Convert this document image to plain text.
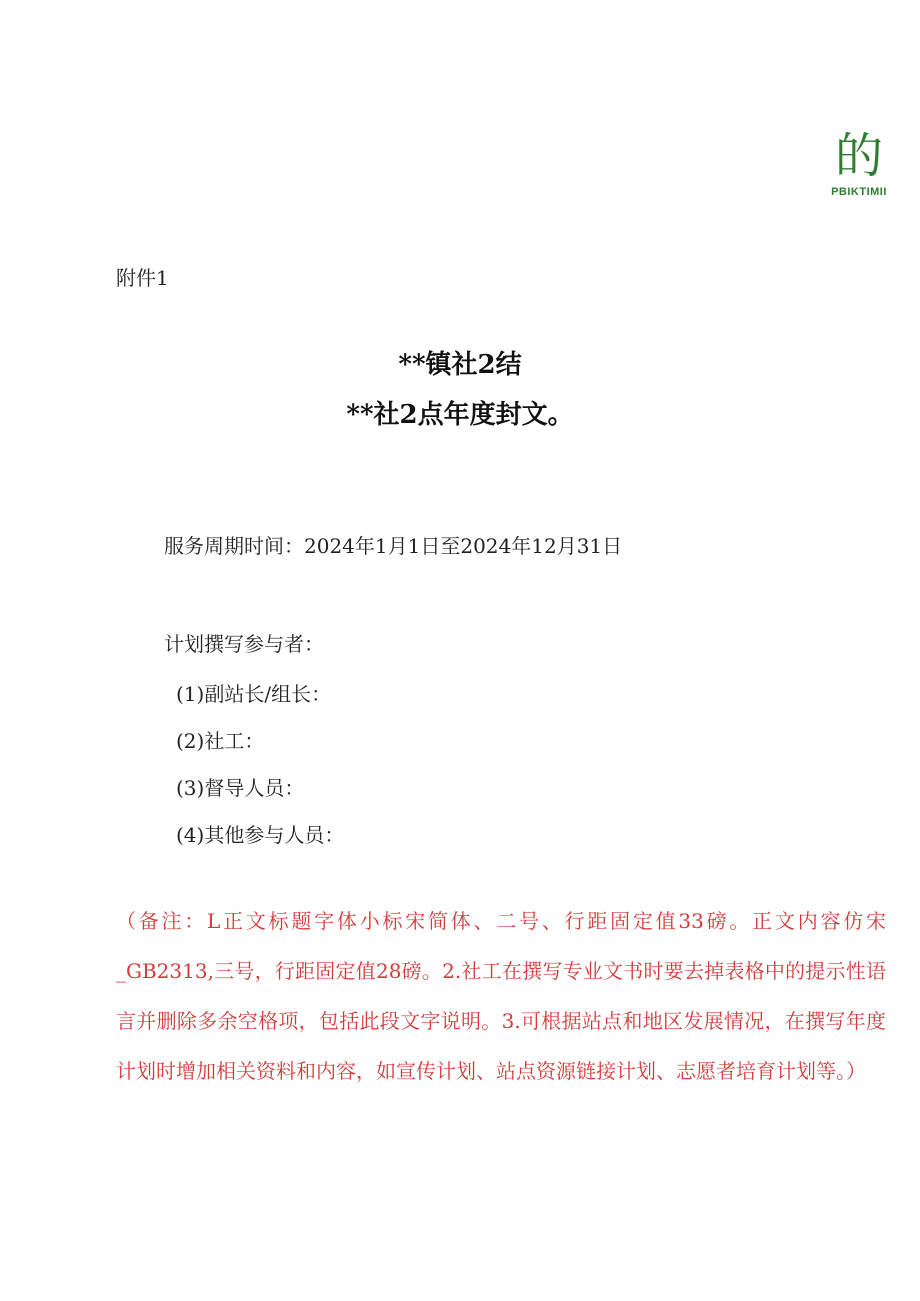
的
PBIKTIMII
附件1
**镇社2结
**社2点年度封文。
服务周期时间：2024年1月1日至2024年12月31日
计划撰写参与者：
(1)副站长/组长：
(2)社工：
(3)督导人员：
(4)其他参与人员：
（备注：L正文标题字体小标宋简体、二号、行距固定值33磅。正文内容仿宋_GB2313,三号，行距固定值28磅。2.社工在撰写专业文书时要去掉表格中的提示性语言并删除多余空格项，包括此段文字说明。3.可根据站点和地区发展情况，在撰写年度计划时增加相关资料和内容，如宣传计划、站点资源链接计划、志愿者培育计划等。）
